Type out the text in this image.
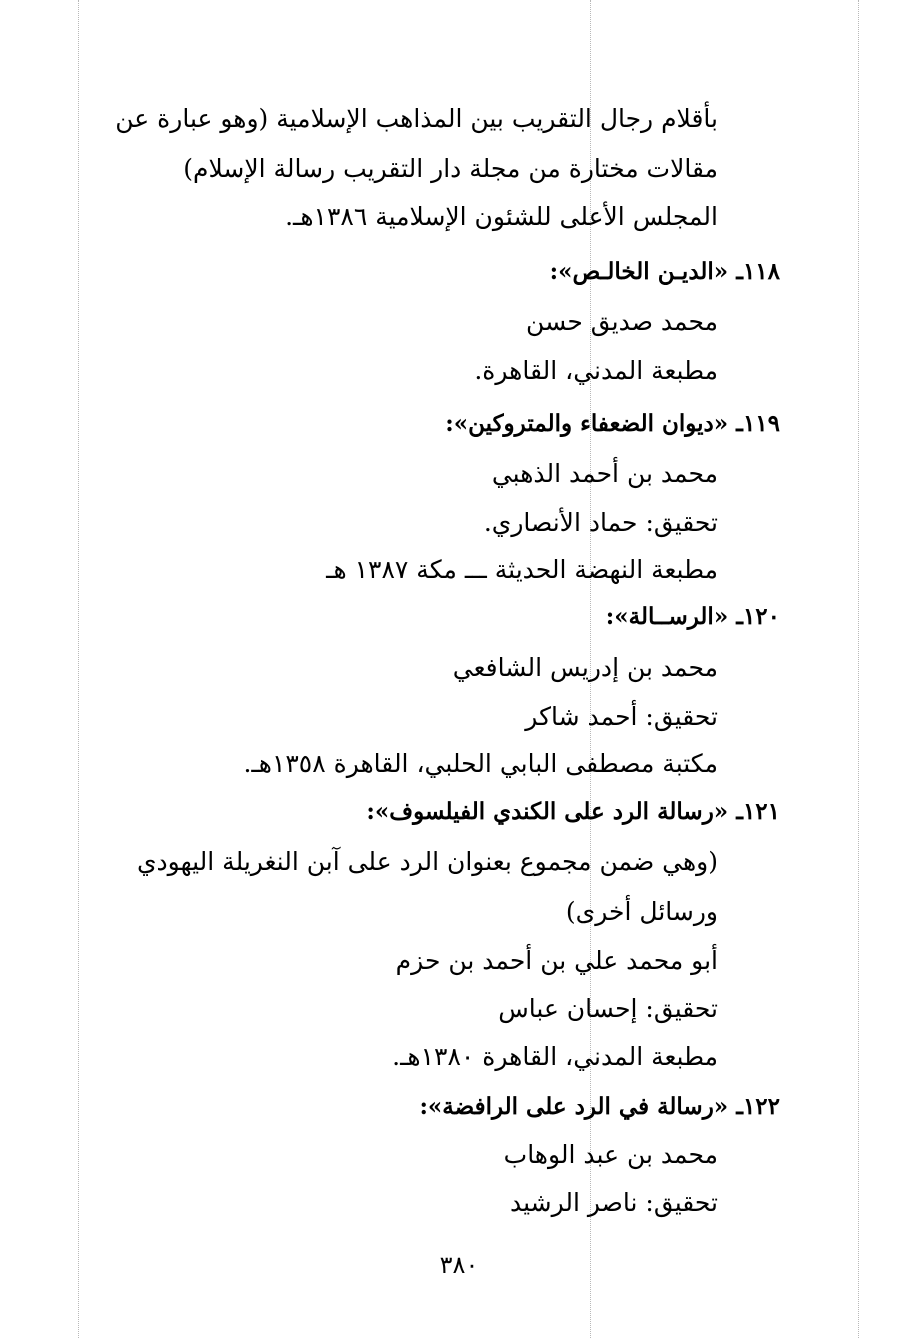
بأقلام رجال التقريب بين المذاهب الإسلامية (وهو عبارة عن
مقالات مختارة من مجلة دار التقريب رسالة الإسلام)
المجلس الأعلى للشئون الإسلامية ١٣٨٦هـ.
١١٨ـ «الديـن الخالـص»:
محمد صديق حسن
مطبعة المدني، القاهرة.
١١٩ـ «ديوان الضعفاء والمتروكين»:
محمد بن أحمد الذهبي
تحقيق: حماد الأنصاري.
مطبعة النهضة الحديثة ـــ مكة ١٣٨٧ هـ
١٢٠ـ «الرســالة»:
محمد بن إدريس الشافعي
تحقيق: أحمد شاكر
مكتبة مصطفى البابي الحلبي، القاهرة ١٣٥٨هـ.
١٢١ـ «رسالة الرد على الكندي الفيلسوف»:
(وهي ضمن مجموع بعنوان الرد على آبن النغريلة اليهودي
ورسائل أخرى)
أبو محمد علي بن أحمد بن حزم
تحقيق: إحسان عباس
مطبعة المدني، القاهرة ١٣٨٠هـ.
١٢٢ـ «رسالة في الرد على الرافضة»:
محمد بن عبد الوهاب
تحقيق: ناصر الرشيد
٣٨٠
